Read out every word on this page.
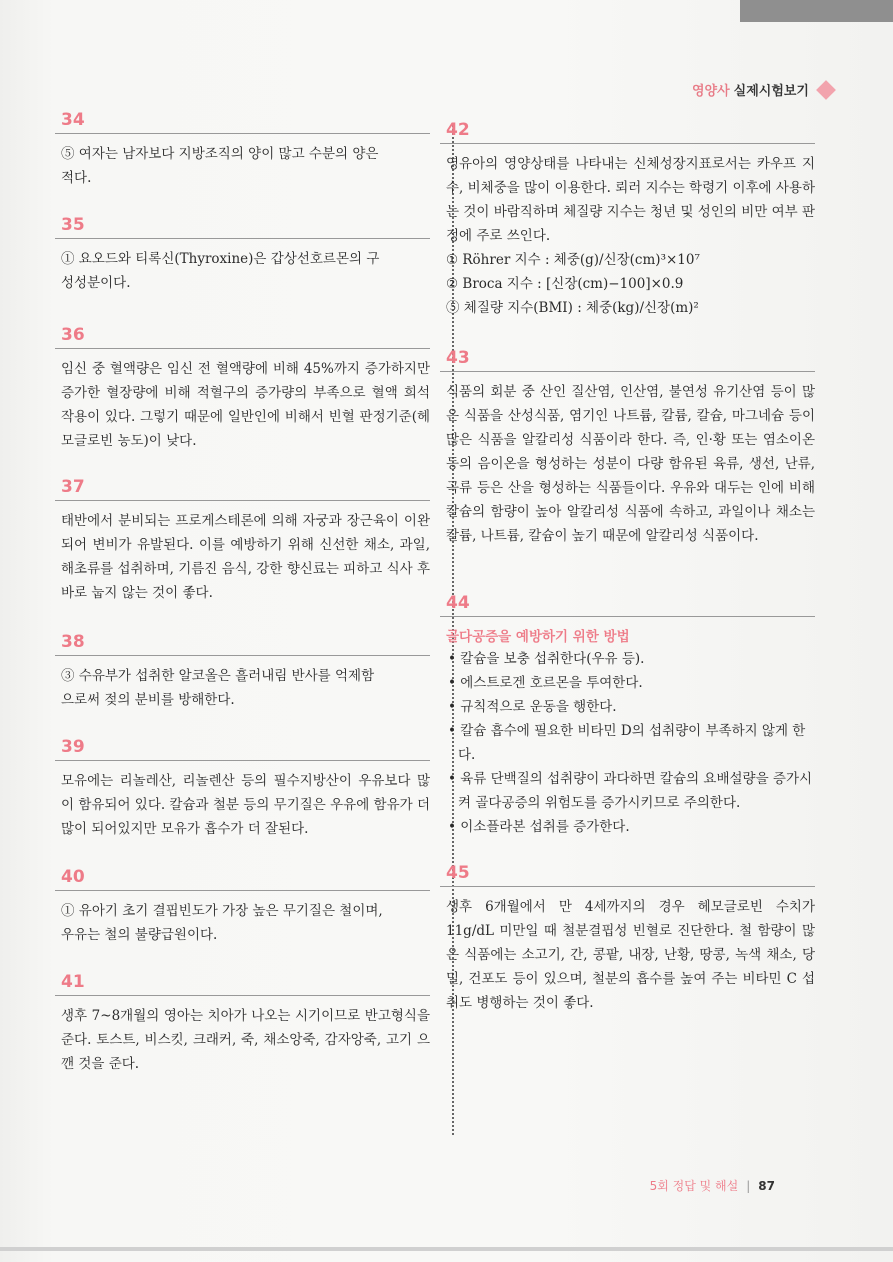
영양사 실제시험보기
34
⑤ 여자는 남자보다 지방조직의 양이 많고 수분의 양은
적다.
35
① 요오드와 티록신(Thyroxine)은 갑상선호르몬의 구
성성분이다.
36
임신 중 혈액량은 임신 전 혈액량에 비해 45%까지 증가하지만 증가한 혈장량에 비해 적혈구의 증가량의 부족으로 혈액 희석작용이 있다. 그렇기 때문에 일반인에 비해서 빈혈 판정기준(헤모글로빈 농도)이 낮다.
37
태반에서 분비되는 프로게스테론에 의해 자궁과 장근육이 이완되어 변비가 유발된다. 이를 예방하기 위해 신선한 채소, 과일, 해초류를 섭취하며, 기름진 음식, 강한 향신료는 피하고 식사 후 바로 눕지 않는 것이 좋다.
38
③ 수유부가 섭취한 알코올은 흘러내림 반사를 억제함
으로써 젖의 분비를 방해한다.
39
모유에는 리놀레산, 리놀렌산 등의 필수지방산이 우유보다 많이 함유되어 있다. 칼슘과 철분 등의 무기질은 우유에 함유가 더 많이 되어있지만 모유가 흡수가 더 잘된다.
40
① 유아기 초기 결핍빈도가 가장 높은 무기질은 철이며,
우유는 철의 불량급원이다.
41
생후 7~8개월의 영아는 치아가 나오는 시기이므로 반고형식을 준다. 토스트, 비스킷, 크래커, 죽, 채소앙죽, 감자앙죽, 고기 으깬 것을 준다.
42
영유아의 영양상태를 나타내는 신체성장지표로서는 카우프 지수, 비체중을 많이 이용한다. 뢰러 지수는 학령기 이후에 사용하는 것이 바람직하며 체질량 지수는 청년 및 성인의 비만 여부 판정에 주로 쓰인다.
① Röhrer 지수 : 체중(g)/신장(cm)³×10⁷
② Broca 지수 : [신장(cm)−100]×0.9
⑤ 체질량 지수(BMI) : 체중(kg)/신장(m)²
43
식품의 회분 중 산인 질산염, 인산염, 불연성 유기산염 등이 많은 식품을 산성식품, 염기인 나트륨, 칼륨, 칼슘, 마그네슘 등이 많은 식품을 알칼리성 식품이라 한다. 즉, 인·황 또는 염소이온 등의 음이온을 형성하는 성분이 다량 함유된 육류, 생선, 난류, 곡류 등은 산을 형성하는 식품들이다. 우유와 대두는 인에 비해 칼슘의 함량이 높아 알칼리성 식품에 속하고, 과일이나 채소는 칼륨, 나트륨, 칼슘이 높기 때문에 알칼리성 식품이다.
44
골다공증을 예방하기 위한 방법
• 칼슘을 보충 섭취한다(우유 등).
• 에스트로겐 호르몬을 투여한다.
• 규칙적으로 운동을 행한다.
• 칼슘 흡수에 필요한 비타민 D의 섭취량이 부족하지 않게 한다.
• 육류 단백질의 섭취량이 과다하면 칼슘의 요배설량을 증가시켜 골다공증의 위험도를 증가시키므로 주의한다.
• 이소플라본 섭취를 증가한다.
45
생후 6개월에서 만 4세까지의 경우 헤모글로빈 수치가 11g/dL 미만일 때 철분결핍성 빈혈로 진단한다. 철 함량이 많은 식품에는 소고기, 간, 콩팥, 내장, 난황, 땅콩, 녹색 채소, 당밀, 건포도 등이 있으며, 철분의 흡수를 높여 주는 비타민 C 섭취도 병행하는 것이 좋다.
5회 정답 및 해설 | 87
